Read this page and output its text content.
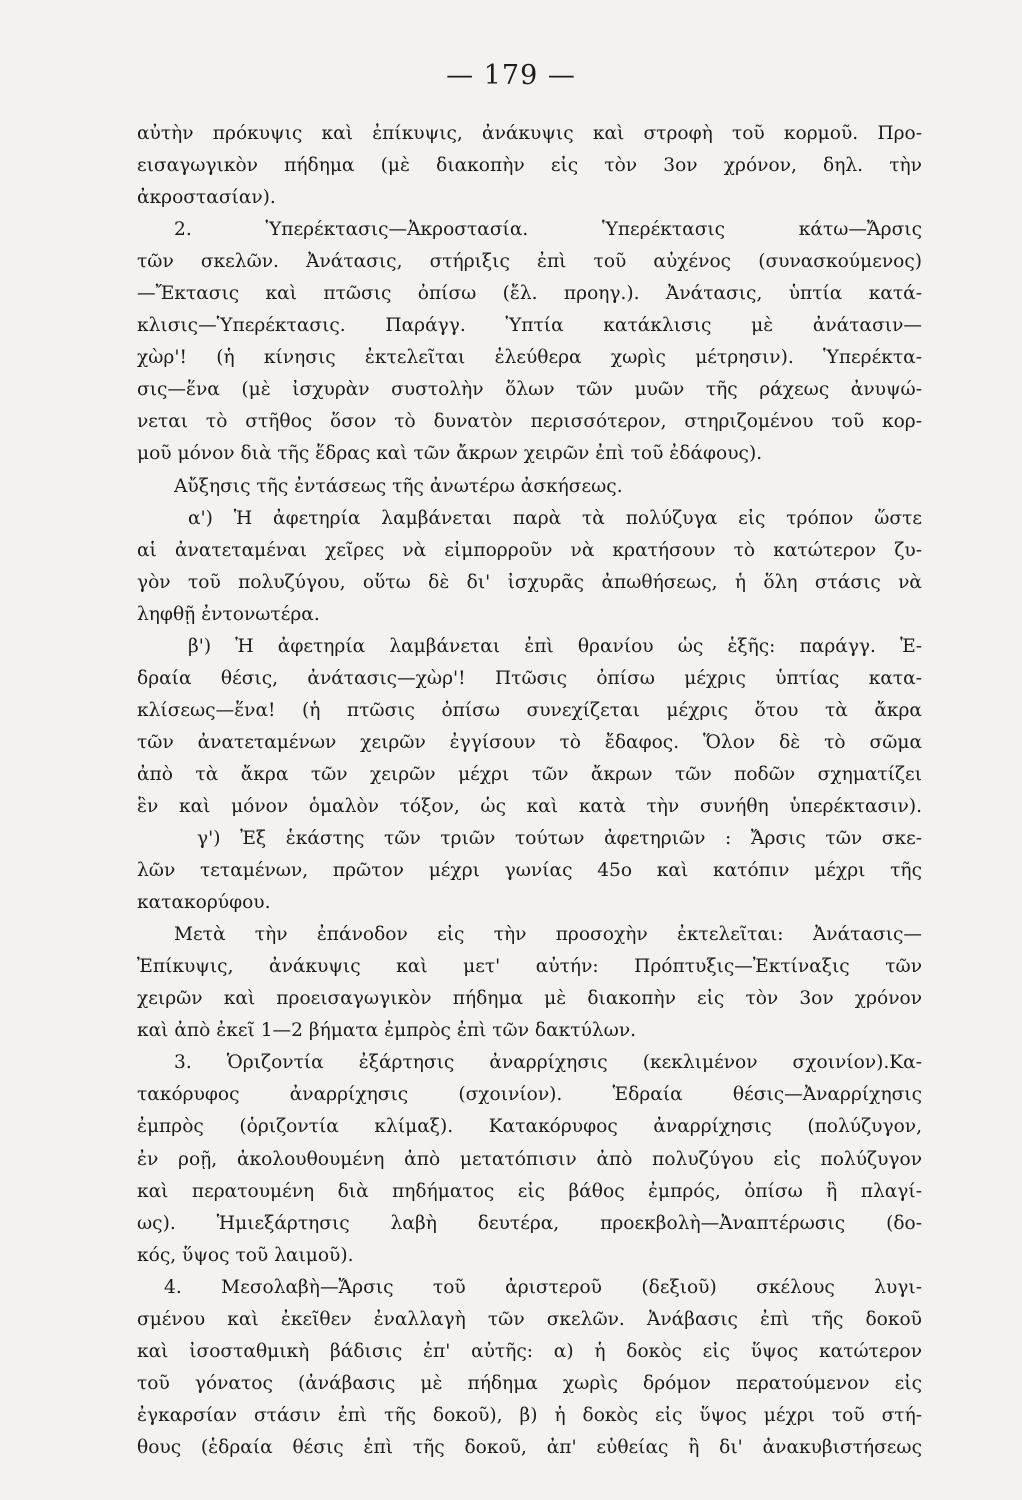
— 179 —
αὐτὴν πρόκυψις καὶ ἐπίκυψις, ἀνάκυψις καὶ στροφὴ τοῦ κορμοῦ. Προ-
εισαγωγικὸν πήδημα (μὲ διακοπὴν εἰς τὸν 3ον χρόνον, δηλ. τὴν
ἀκροστασίαν).
2. Ὑπερέκτασις—Ἀκροστασία. Ὑπερέκτασις κάτω—Ἄρσις
τῶν σκελῶν. Ἀνάτασις, στήριξις ἐπὶ τοῦ αὐχένος (συνασκούμενος)
—Ἔκτασις καὶ πτῶσις ὀπίσω (ἔλ. προηγ.). Ἀνάτασις, ὑπτία κατά-
κλισις—Ὑπερέκτασις. Παράγγ. Ὑπτία κατάκλισις μὲ ἀνάτασιν—
χὼρ'! (ἡ κίνησις ἐκτελεῖται ἐλεύθερα χωρὶς μέτρησιν). Ὑπερέκτα-
σις—ἕνα (μὲ ἰσχυρὰν συστολὴν ὅλων τῶν μυῶν τῆς ράχεως ἀνυψώ-
νεται τὸ στῆθος ὅσον τὸ δυνατὸν περισσότερον, στηριζομένου τοῦ κορ-
μοῦ μόνον διὰ τῆς ἕδρας καὶ τῶν ἄκρων χειρῶν ἐπὶ τοῦ ἐδάφους).
Αὔξησις τῆς ἐντάσεως τῆς ἀνωτέρω ἀσκήσεως.
α') Ἡ ἀφετηρία λαμβάνεται παρὰ τὰ πολύζυγα εἰς τρόπον ὥστε
αἱ ἀνατεταμέναι χεῖρες νὰ εἰμπορροῦν νὰ κρατήσουν τὸ κατώτερον ζυ-
γὸν τοῦ πολυζύγου, οὕτω δὲ δι' ἰσχυρᾶς ἀπωθήσεως, ἡ ὅλη στάσις νὰ
ληφθῇ ἐντονωτέρα.
β') Ἡ ἀφετηρία λαμβάνεται ἐπὶ θρανίου ὡς ἑξῆς: παράγγ. Ἑ-
δραία θέσις, ἀνάτασις—χὼρ'! Πτῶσις ὀπίσω μέχρις ὑπτίας κατα-
κλίσεως—ἕνα! (ἡ πτῶσις ὀπίσω συνεχίζεται μέχρις ὅτου τὰ ἄκρα
τῶν ἀνατεταμένων χειρῶν ἐγγίσουν τὸ ἔδαφος. Ὅλον δὲ τὸ σῶμα
ἀπὸ τὰ ἄκρα τῶν χειρῶν μέχρι τῶν ἄκρων τῶν ποδῶν σχηματίζει
ἓν καὶ μόνον ὁμαλὸν τόξον, ὡς καὶ κατὰ τὴν συνήθη ὑπερέκτασιν).
γ') Ἐξ ἑκάστης τῶν τριῶν τούτων ἀφετηριῶν : Ἄρσις τῶν σκε-
λῶν τεταμένων, πρῶτον μέχρι γωνίας 45ο καὶ κατόπιν μέχρι τῆς
κατακορύφου.
Μετὰ τὴν ἐπάνοδον εἰς τὴν προσοχὴν ἐκτελεῖται: Ἀνάτασις—
Ἐπίκυψις, ἀνάκυψις καὶ μετ' αὐτήν: Πρόπτυξις—Ἐκτίναξις τῶν
χειρῶν καὶ προεισαγωγικὸν πήδημα μὲ διακοπὴν εἰς τὸν 3ον χρόνον
καὶ ἀπὸ ἐκεῖ 1—2 βήματα ἐμπρὸς ἐπὶ τῶν δακτύλων.
3. Ὁριζοντία ἐξάρτησις ἀναρρίχησις (κεκλιμένον σχοινίον).Κα-
τακόρυφος ἀναρρίχησις (σχοινίον). Ἑδραία θέσις—Ἀναρρίχησις
ἐμπρὸς (ὁριζοντία κλίμαξ). Κατακόρυφος ἀναρρίχησις (πολύζυγον,
ἐν ροῇ, ἀκολουθουμένη ἀπὸ μετατόπισιν ἀπὸ πολυζύγου εἰς πολύζυγον
καὶ περατουμένη διὰ πηδήματος εἰς βάθος ἐμπρός, ὀπίσω ἢ πλαγί-
ως). Ἡμιεξάρτησις λαβὴ δευτέρα, προεκβολὴ—Ἀναπτέρωσις (δο-
κός, ὕψος τοῦ λαιμοῦ).
4. Μεσολαβὴ—Ἄρσις τοῦ ἀριστεροῦ (δεξιοῦ) σκέλους λυγι-
σμένου καὶ ἐκεῖθεν ἐναλλαγὴ τῶν σκελῶν. Ἀνάβασις ἐπὶ τῆς δοκοῦ
καὶ ἰσοσταθμικὴ βάδισις ἐπ' αὐτῆς: α) ἡ δοκὸς εἰς ὕψος κατώτερον
τοῦ γόνατος (ἀνάβασις μὲ πήδημα χωρὶς δρόμον περατούμενον εἰς
ἐγκαρσίαν στάσιν ἐπὶ τῆς δοκοῦ), β) ἡ δοκὸς εἰς ὕψος μέχρι τοῦ στή-
θους (ἑδραία θέσις ἐπὶ τῆς δοκοῦ, ἀπ' εὐθείας ἢ δι' ἀνακυβιστήσεως
